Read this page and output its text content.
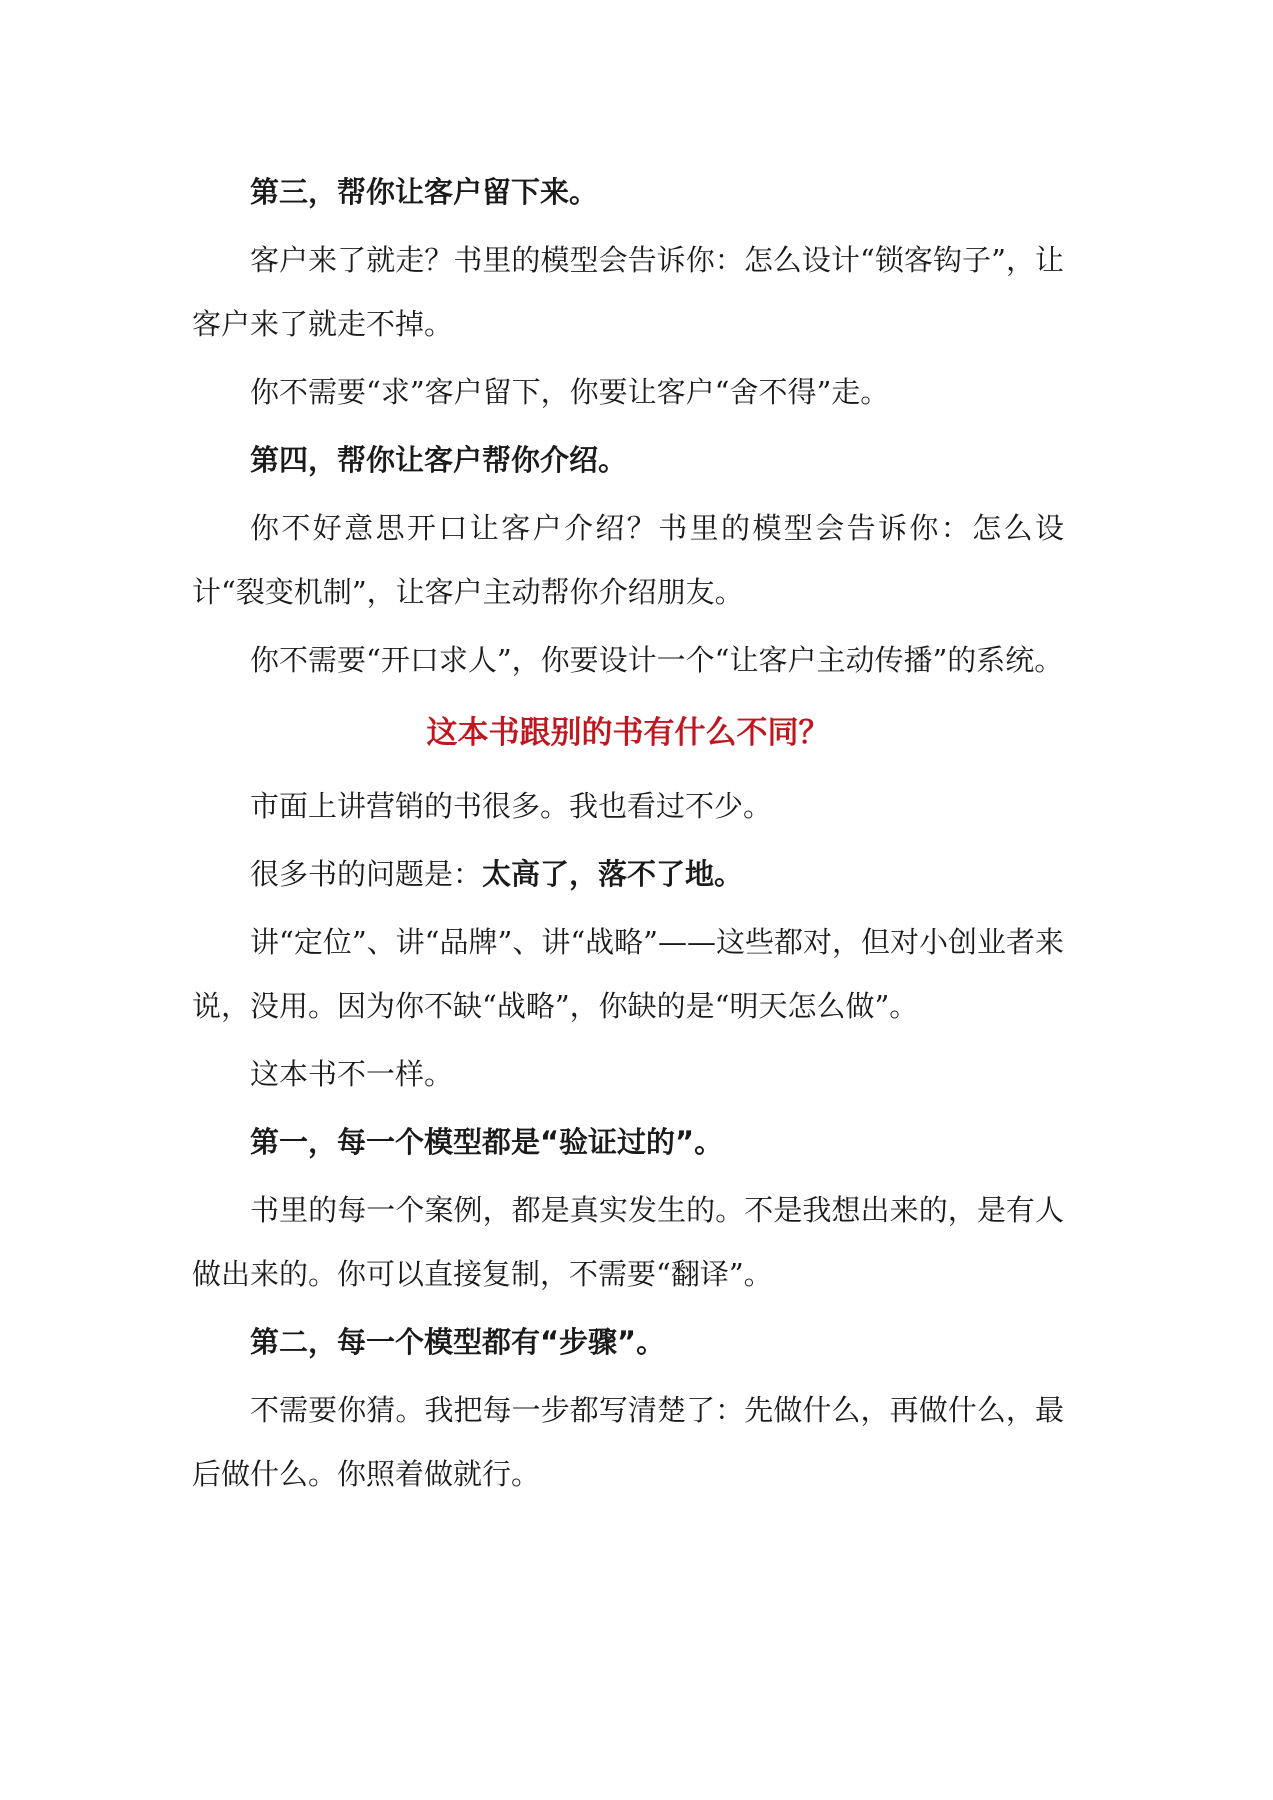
第三，帮你让客户留下来。

客户来了就走？书里的模型会告诉你：怎么设计“锁客钩子”，让客户来了就走不掉。

你不需要“求”客户留下，你要让客户“舍不得”走。

第四，帮你让客户帮你介绍。

你不好意思开口让客户介绍？书里的模型会告诉你：怎么设计“裂变机制”，让客户主动帮你介绍朋友。

你不需要“开口求人”，你要设计一个“让客户主动传播”的系统。

这本书跟别的书有什么不同？

市面上讲营销的书很多。我也看过不少。

很多书的问题是：太高了，落不了地。

讲“定位”、讲“品牌”、讲“战略”——这些都对，但对小创业者来说，没用。因为你不缺“战略”，你缺的是“明天怎么做”。

这本书不一样。

第一，每一个模型都是“验证过的”。

书里的每一个案例，都是真实发生的。不是我想出来的，是有人做出来的。你可以直接复制，不需要“翻译”。

第二，每一个模型都有“步骤”。

不需要你猜。我把每一步都写清楚了：先做什么，再做什么，最后做什么。你照着做就行。
